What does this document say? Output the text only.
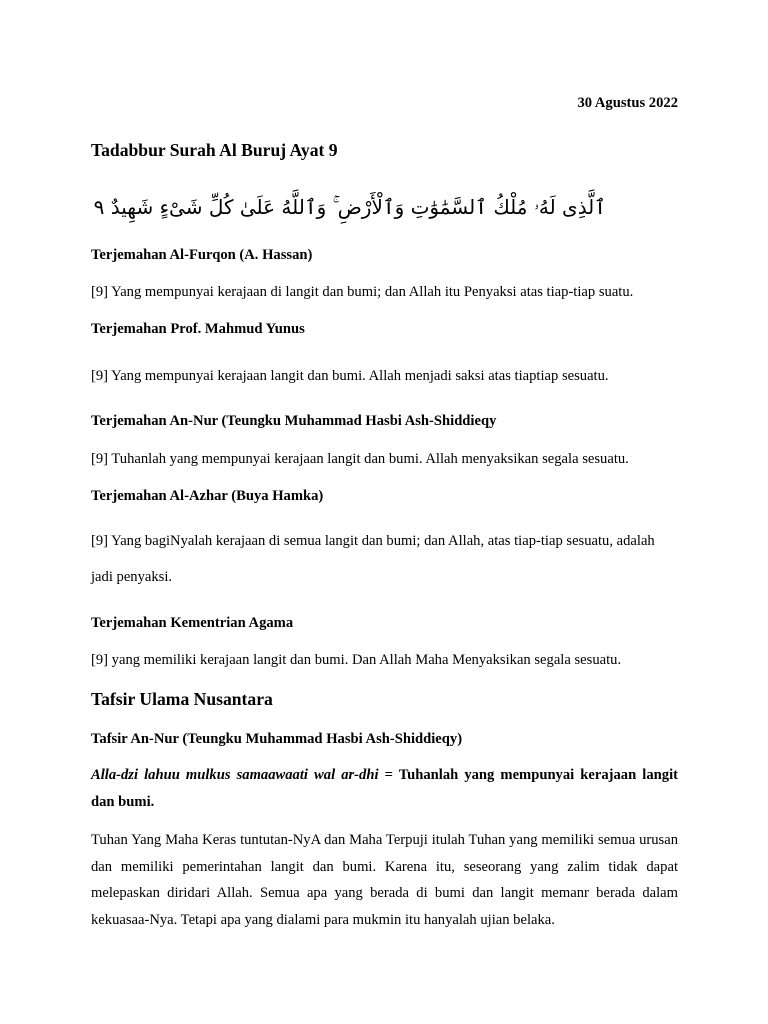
30 Agustus 2022
Tadabbur Surah Al Buruj Ayat 9
ٱلَّذِى لَهُۥ مُلْكُ ٱلسَّمَٰوَٰتِ وَٱلْأَرْضِ ۚ وَٱللَّهُ عَلَىٰ كُلِّ شَىْءٍ شَهِيدٌ ٩
Terjemahan Al-Furqon (A. Hassan)
[9] Yang mempunyai kerajaan di langit dan bumi; dan Allah itu Penyaksi atas tiap-tiap suatu.
Terjemahan Prof. Mahmud Yunus
[9] Yang mempunyai kerajaan langit dan bumi. Allah menjadi saksi atas tiaptiap sesuatu.
Terjemahan An-Nur (Teungku Muhammad Hasbi Ash-Shiddieqy
[9] Tuhanlah yang mempunyai kerajaan langit dan bumi. Allah menyaksikan segala sesuatu.
Terjemahan Al-Azhar (Buya Hamka)
[9] Yang bagiNyalah kerajaan di semua langit dan bumi; dan Allah, atas tiap-tiap sesuatu, adalah jadi penyaksi.
Terjemahan Kementrian Agama
[9] yang memiliki kerajaan langit dan bumi. Dan Allah Maha Menyaksikan segala sesuatu.
Tafsir Ulama Nusantara
Tafsir An-Nur (Teungku Muhammad Hasbi Ash-Shiddieqy)
Alla-dzi lahuu mulkus samaawaati wal ar-dhi = Tuhanlah yang mempunyai kerajaan langit dan bumi.
Tuhan Yang Maha Keras tuntutan-NyA dan Maha Terpuji itulah Tuhan yang memiliki semua urusan dan memiliki pemerintahan langit dan bumi. Karena itu, seseorang yang zalim tidak dapat melepaskan diridari Allah. Semua apa yang berada di bumi dan langit memanr berada dalam kekuasaa-Nya. Tetapi apa yang dialami para mukmin itu hanyalah ujian belaka.
